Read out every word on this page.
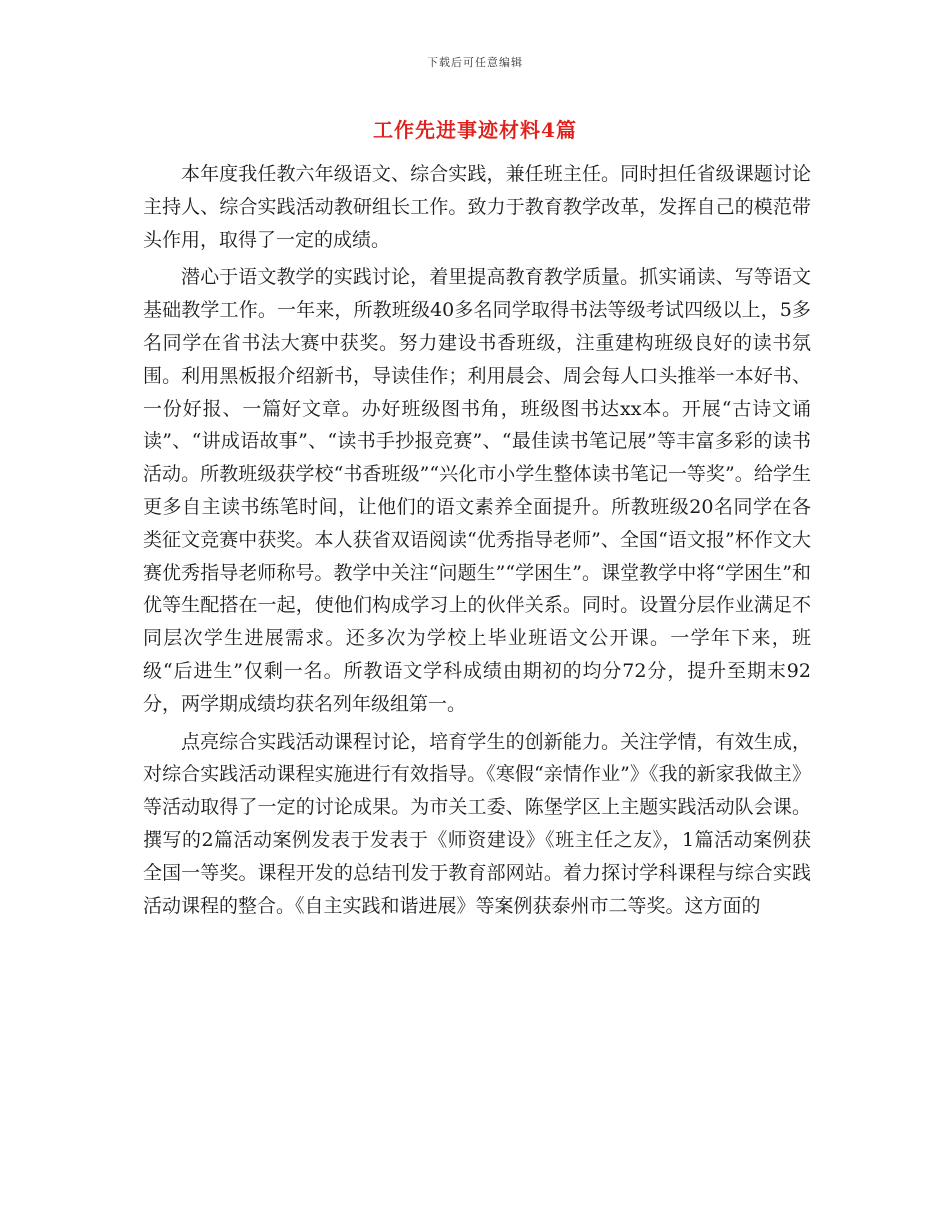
下载后可任意编辑
工作先进事迹材料4篇

本年度我任教六年级语文、综合实践，兼任班主任。同时担任省级课题讨论主持人、综合实践活动教研组长工作。致力于教育教学改革，发挥自己的模范带头作用，取得了一定的成绩。

潜心于语文教学的实践讨论，着里提高教育教学质量。抓实诵读、写等语文基础教学工作。一年来，所教班级40多名同学取得书法等级考试四级以上，5多名同学在省书法大赛中获奖。努力建设书香班级，注重建构班级良好的读书氛围。利用黑板报介绍新书，导读佳作；利用晨会、周会每人口头推举一本好书、一份好报、一篇好文章。办好班级图书角，班级图书达xx本。开展“古诗文诵读”、“讲成语故事”、“读书手抄报竞赛”、“最佳读书笔记展”等丰富多彩的读书活动。所教班级获学校“书香班级”“兴化市小学生整体读书笔记一等奖”。给学生更多自主读书练笔时间，让他们的语文素养全面提升。所教班级20名同学在各类征文竞赛中获奖。本人获省双语阅读“优秀指导老师”、全国“语文报”杯作文大赛优秀指导老师称号。教学中关注“问题生”“学困生”。课堂教学中将“学困生”和优等生配搭在一起，使他们构成学习上的伙伴关系。同时。设置分层作业满足不同层次学生进展需求。还多次为学校上毕业班语文公开课。一学年下来，班级“后进生”仅剩一名。所教语文学科成绩由期初的均分72分，提升至期末92分，两学期成绩均获名列年级组第一。

点亮综合实践活动课程讨论，培育学生的创新能力。关注学情，有效生成，对综合实践活动课程实施进行有效指导。《寒假“亲情作业”》《我的新家我做主》等活动取得了一定的讨论成果。为市关工委、陈堡学区上主题实践活动队会课。撰写的2篇活动案例发表于发表于《师资建设》《班主任之友》，1篇活动案例获全国一等奖。课程开发的总结刊发于教育部网站。着力探讨学科课程与综合实践活动课程的整合。《自主实践和谐进展》等案例获泰州市二等奖。这方面的
